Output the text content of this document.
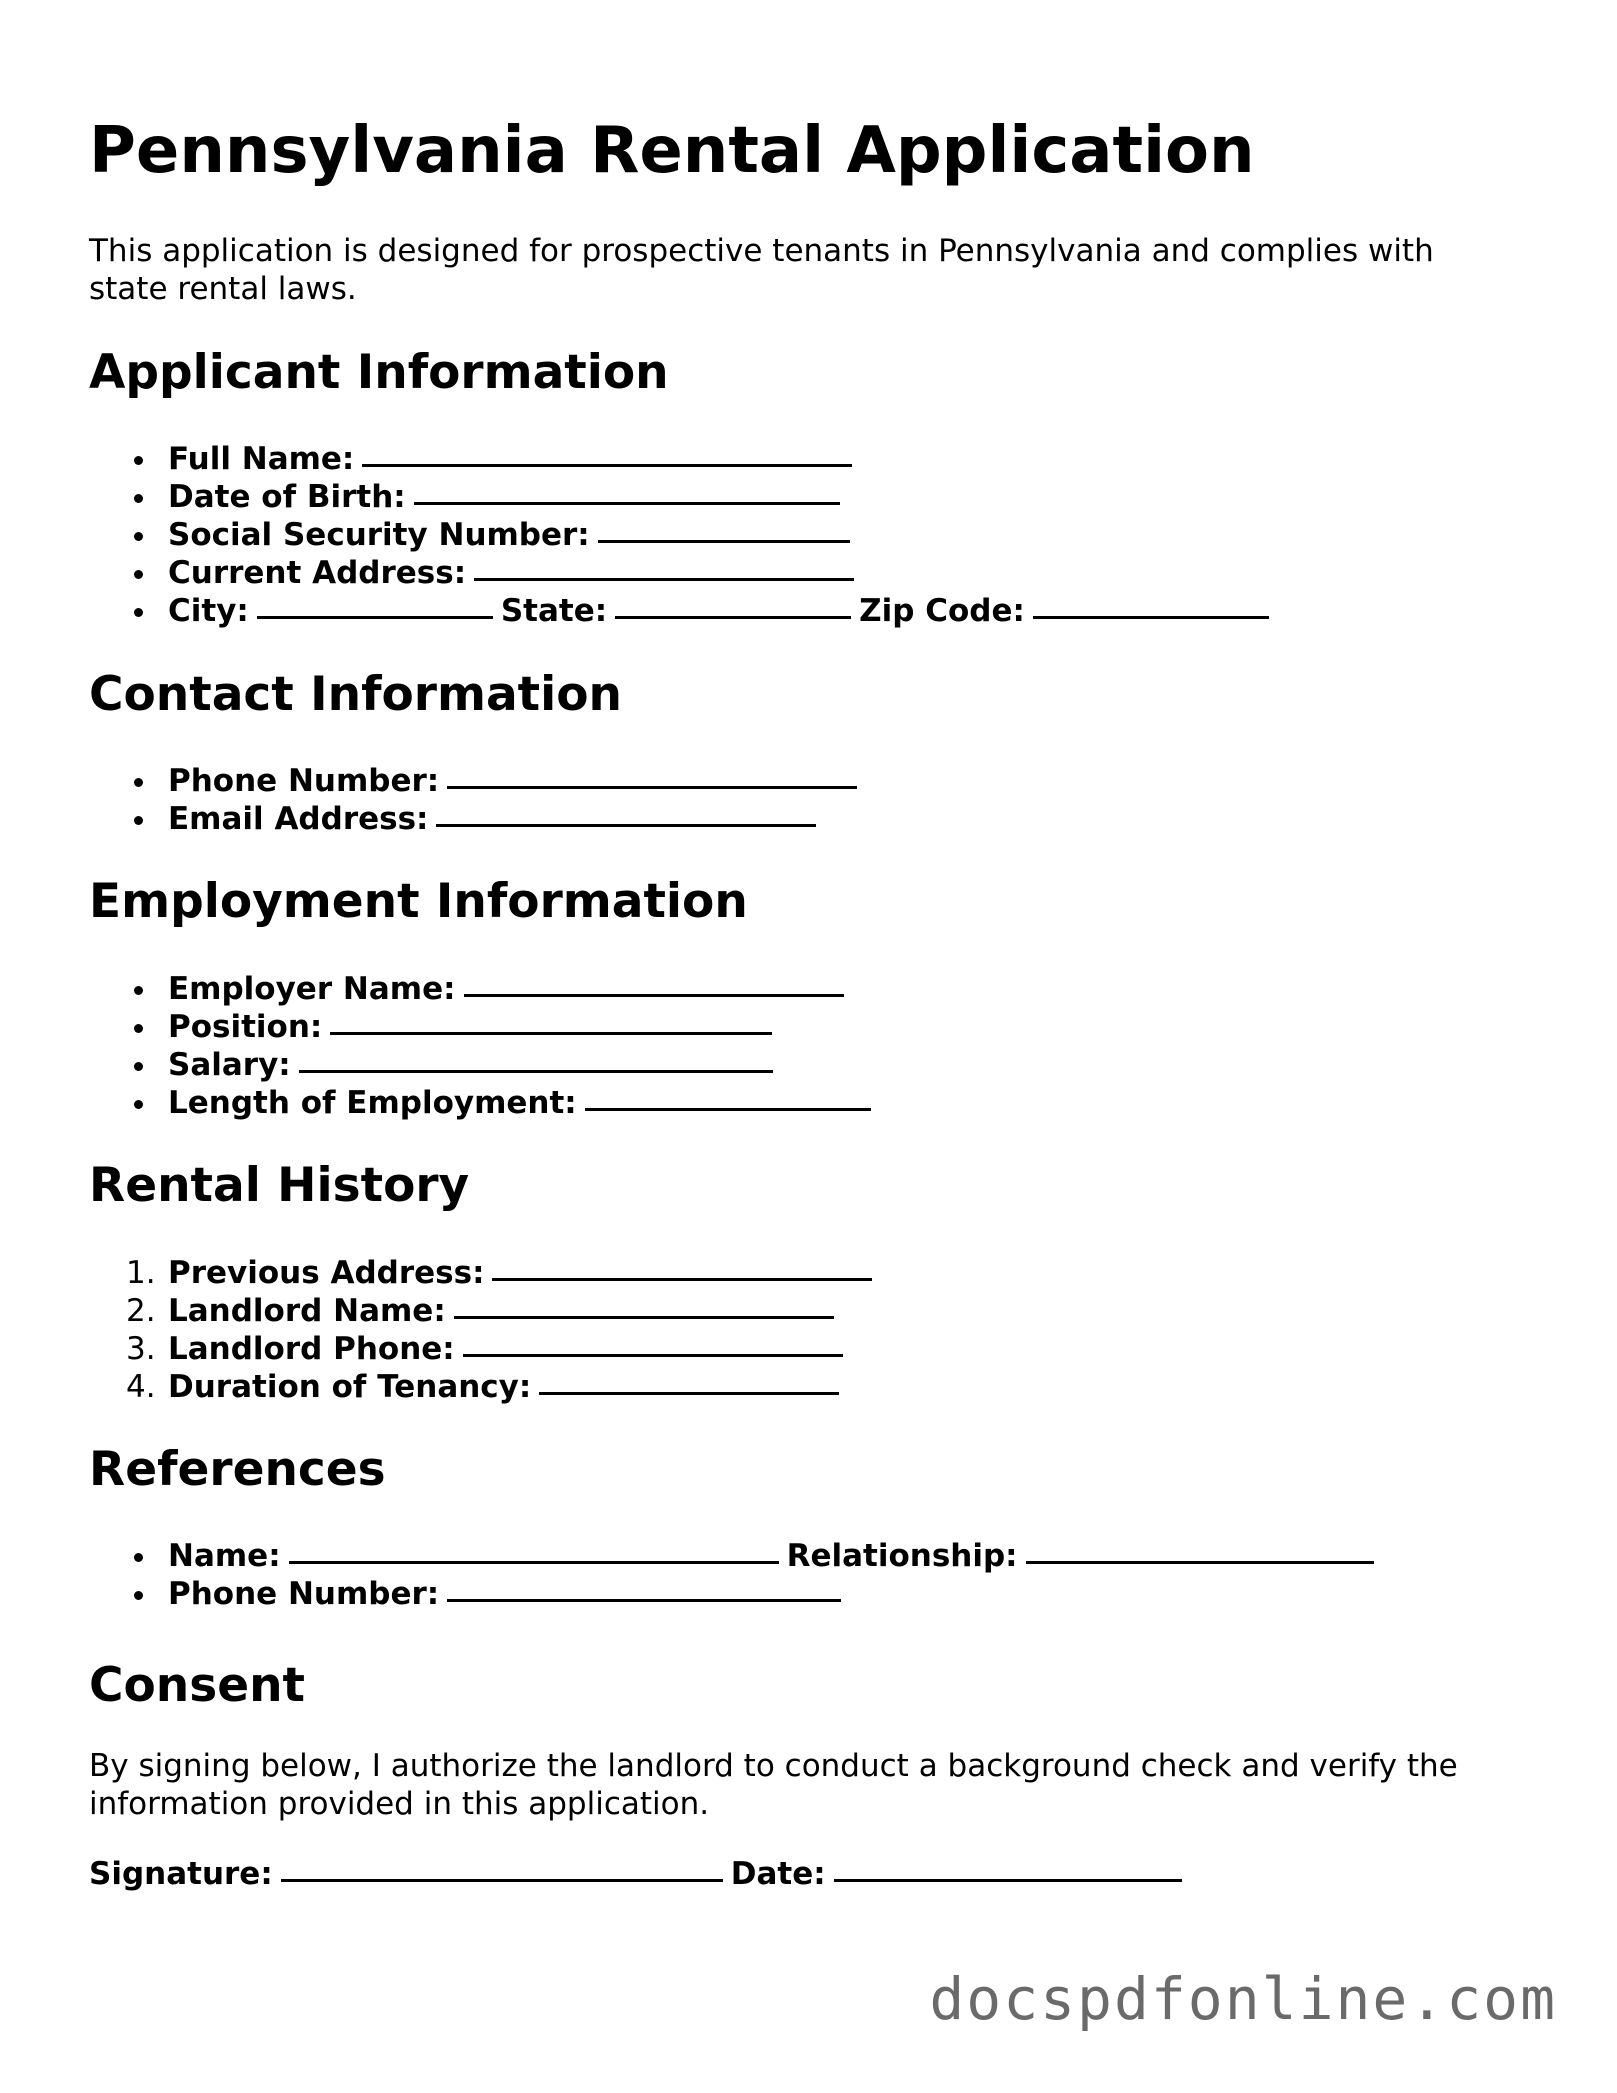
Pennsylvania Rental Application

This application is designed for prospective tenants in Pennsylvania and complies with state rental laws.

Applicant Information
Full Name:
Date of Birth:
Social Security Number:
Current Address:
City:	State:	Zip Code:
Contact Information
Phone Number:
Email Address:
Employment Information
Employer Name:
Position:
Salary:
Length of Employment:
Rental History
1. Previous Address:
2. Landlord Name:
3. Landlord Phone:
4. Duration of Tenancy:
References
Name:	Relationship:
Phone Number:
Consent

By signing below, I authorize the landlord to conduct a background check and verify the information provided in this application.

Signature:	Date:
docspdfonline.com
